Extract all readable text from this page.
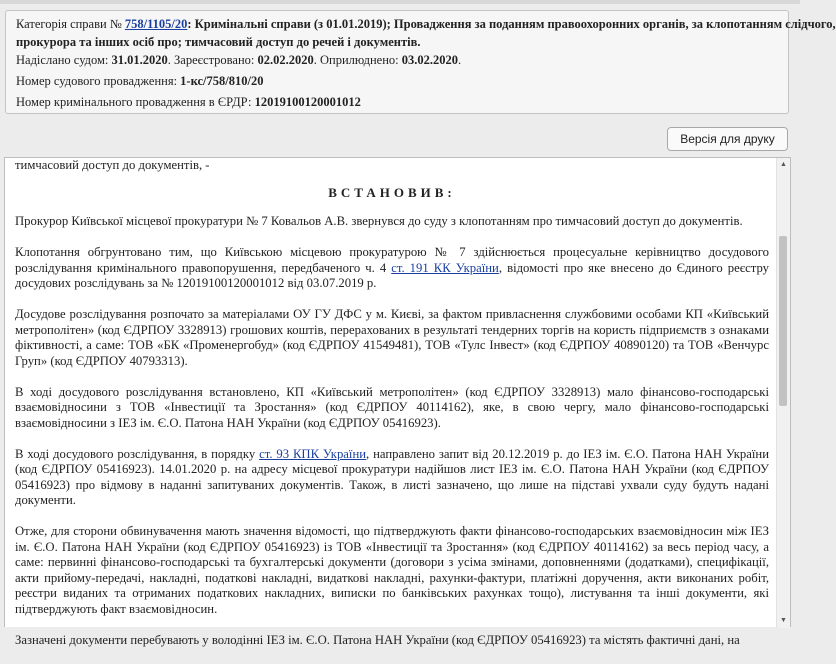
Категорія справи № 758/1105/20: Кримінальні справи (з 01.01.2019); Провадження за поданням правоохоронних органів, за клопотанням слідчого,
прокурора та інших осіб про; тимчасовий доступ до речей і документів.
Надіслано судом: 31.01.2020. Зареєстровано: 02.02.2020. Оприлюднено: 03.02.2020.
Номер судового провадження: 1-кс/758/810/20
Номер кримінального провадження в ЄРДР: 12019100120001012
Версія для друку

тимчасовий доступ до документів, -

ВСТАНОВИВ:

Прокурор Київської місцевої прокуратури № 7 Ковальов А.В. звернувся до суду з клопотанням про тимчасовий доступ до документів.

Клопотання обгрунтовано тим, що Київською місцевою прокуратурою № 7 здійснюється процесуальне керівництво досудового розслідування кримінального правопорушення, передбаченого ч. 4 ст. 191 КК України, відомості про яке внесено до Єдиного реєстру досудових розслідувань за № 12019100120001012 від 03.07.2019 р.

Досудове розслідування розпочато за матеріалами ОУ ГУ ДФС у м. Києві, за фактом привласнення службовими особами КП «Київський метрополітен» (код ЄДРПОУ 3328913) грошових коштів, перерахованих в результаті тендерних торгів на користь підприємств з ознаками фіктивності, а саме: ТОВ «БК «Променергобуд» (код ЄДРПОУ 41549481), ТОВ «Тулс Інвест» (код ЄДРПОУ 40890120) та ТОВ «Венчурс Груп» (код ЄДРПОУ 40793313).

В ході досудового розслідування встановлено, КП «Київський метрополітен» (код ЄДРПОУ 3328913) мало фінансово-господарські взаємовідносини з ТОВ «Інвестиції та Зростання» (код ЄДРПОУ 40114162), яке, в свою чергу, мало фінансово-господарські взаємовідносини з ІЕЗ ім. Є.О. Патона НАН України (код ЄДРПОУ 05416923).

В ході досудового розслідування, в порядку ст. 93 КПК України, направлено запит від 20.12.2019 р. до ІЕЗ ім. Є.О. Патона НАН України (код ЄДРПОУ 05416923). 14.01.2020 р. на адресу місцевої прокуратури надійшов лист ІЕЗ ім. Є.О. Патона НАН України (код ЄДРПОУ 05416923) про відмову в наданні запитуваних документів. Також, в листі зазначено, що лише на підставі ухвали суду будуть надані документи.

Отже, для сторони обвинувачення мають значення відомості, що підтверджують факти фінансово-господарських взаємовідносин між ІЕЗ ім. Є.О. Патона НАН України (код ЄДРПОУ 05416923) із ТОВ «Інвестиції та Зростання» (код ЄДРПОУ 40114162) за весь період часу, а саме: первинні фінансово-господарські та бухгалтерські документи (договори з усіма змінами, доповненнями (додатками), специфікації, акти прийому-передачі, накладні, податкові накладні, видаткові накладні, рахунки-фактури, платіжні доручення, акти виконаних робіт, реєстри виданих та отриманих податкових накладних, виписки по банківських рахунках тощо), листування та інші документи, які підтверджують факт взаємовідносин.

Зазначені документи перебувають у володінні ІЕЗ ім. Є.О. Патона НАН України (код ЄДРПОУ 05416923) та містять фактичні дані, на

▲
▼
